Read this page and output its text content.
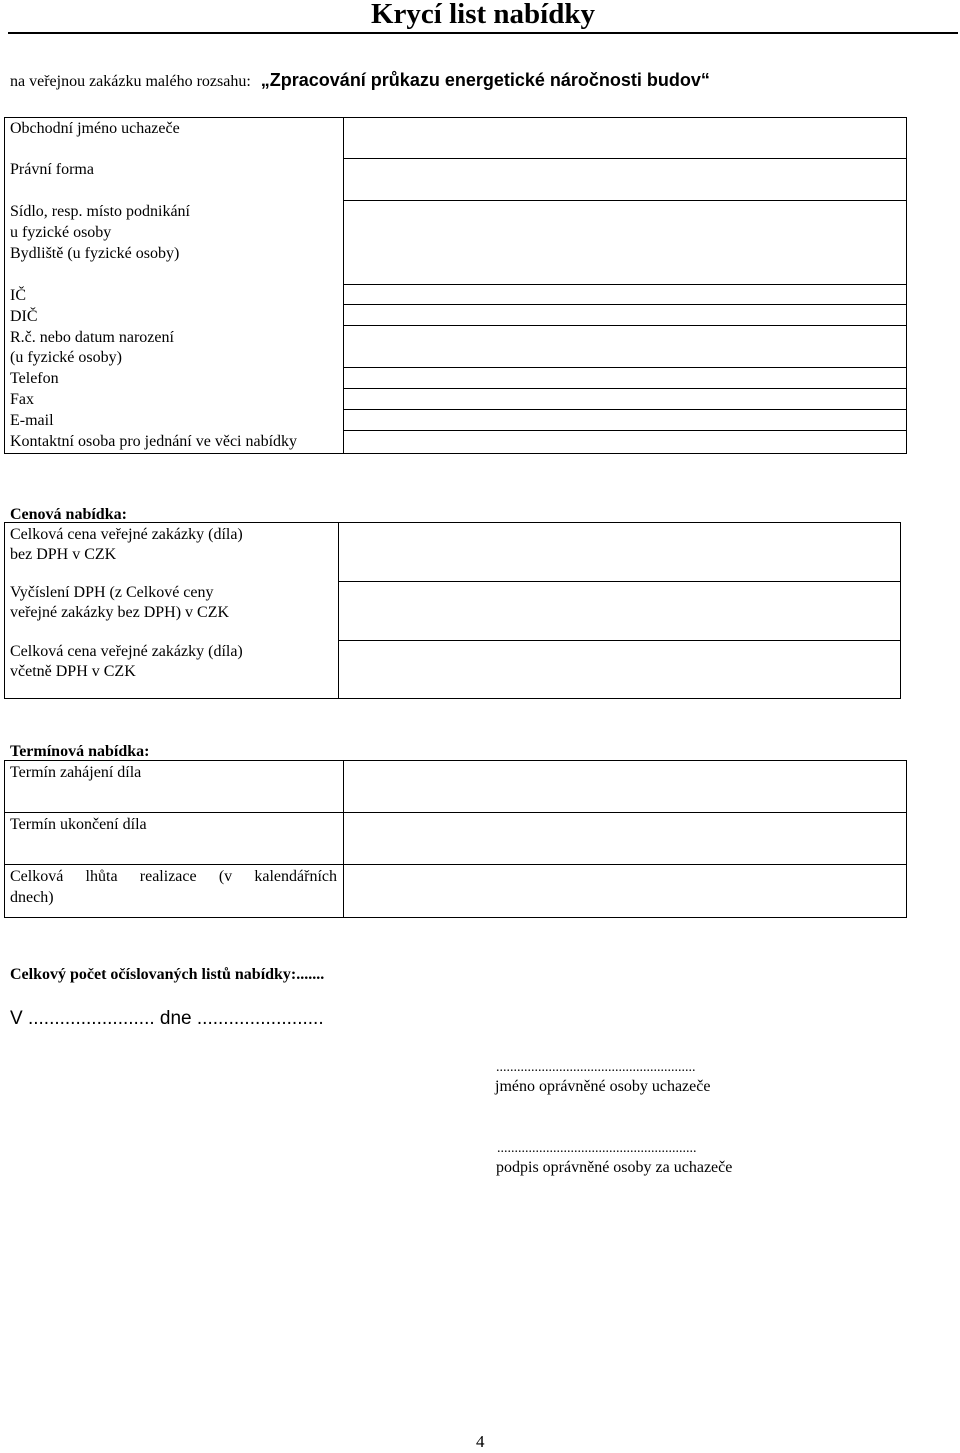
Krycí list nabídky
na veřejnou zakázku malého rozsahu: „Zpracování průkazu energetické náročnosti budov“
Obchodní jméno uchazeče
Právní forma
Sídlo, resp. místo podnikání
u fyzické osoby
Bydliště (u fyzické osoby)
IČ
DIČ
R.č. nebo datum narození
(u fyzické osoby)
Telefon
Fax
E-mail
Kontaktní osoba pro jednání ve věci nabídky
Cenová nabídka:
Celková cena veřejné zakázky (díla)
bez DPH v CZK
Vyčíslení DPH (z Celkové ceny
veřejné zakázky bez DPH) v CZK
Celková cena veřejné zakázky (díla)
včetně DPH v CZK
Termínová nabídka:
Termín zahájení díla
Termín ukončení díla
Celková lhůta realizace (v kalendářních
dnech)
Celkový počet očíslovaných listů nabídky:.......
V ........................ dne ........................
.........................................................
jméno oprávněné osoby uchazeče
.........................................................
podpis oprávněné osoby za uchazeče
4
